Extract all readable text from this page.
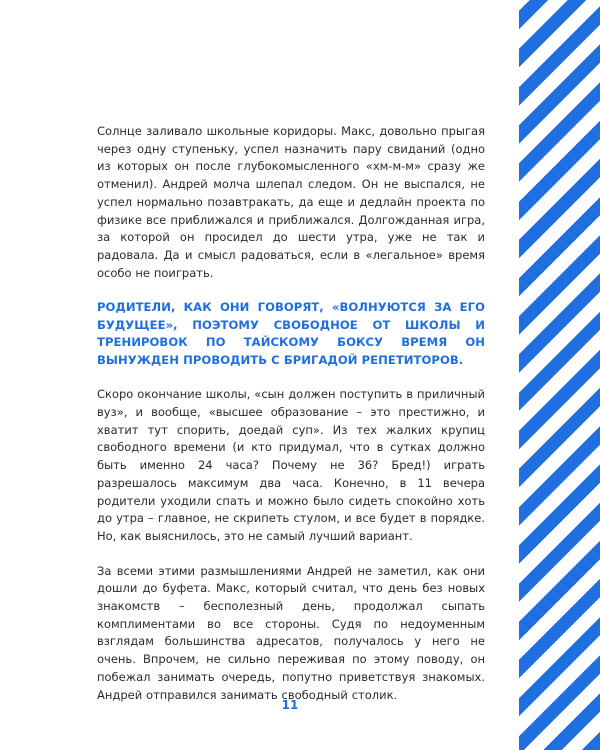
Солнце заливало школьные коридоры. Макс, довольно прыгая через одну ступеньку, успел назначить пару свиданий (одно из которых он после глубокомысленного «хм-м-м» сразу же отменил). Андрей молча шлепал следом. Он не выспался, не успел нормально позавтракать, да еще и дедлайн проекта по физике все приближался и приближался. Долгожданная игра, за которой он просидел до шести утра, уже не так и радовала. Да и смысл радоваться, если в «легальное» время особо не поиграть.

РОДИТЕЛИ, КАК ОНИ ГОВОРЯТ, «ВОЛНУЮТСЯ ЗА ЕГО БУДУЩЕЕ», ПОЭТОМУ СВОБОДНОЕ ОТ ШКОЛЫ И ТРЕНИРОВОК ПО ТАЙСКОМУ БОКСУ ВРЕМЯ ОН ВЫНУЖДЕН ПРОВОДИТЬ С БРИГАДОЙ РЕПЕТИТОРОВ.

Скоро окончание школы, «сын должен поступить в приличный вуз», и вообще, «высшее образование – это престижно, и хватит тут спорить, доедай суп». Из тех жалких крупиц свободного времени (и кто придумал, что в сутках должно быть именно 24 часа? Почему не 36? Бред!) играть разрешалось максимум два часа. Конечно, в 11 вечера родители уходили спать и можно было сидеть спокойно хоть до утра – главное, не скрипеть стулом, и все будет в порядке. Но, как выяснилось, это не самый лучший вариант.

За всеми этими размышлениями Андрей не заметил, как они дошли до буфета. Макс, который считал, что день без новых знакомств – бесполезный день, продолжал сыпать комплиментами во все стороны. Судя по недоуменным взглядам большинства адресатов, получалось у него не очень. Впрочем, не сильно переживая по этому поводу, он побежал занимать очередь, попутно приветствуя знакомых. Андрей отправился занимать свободный столик.

11
